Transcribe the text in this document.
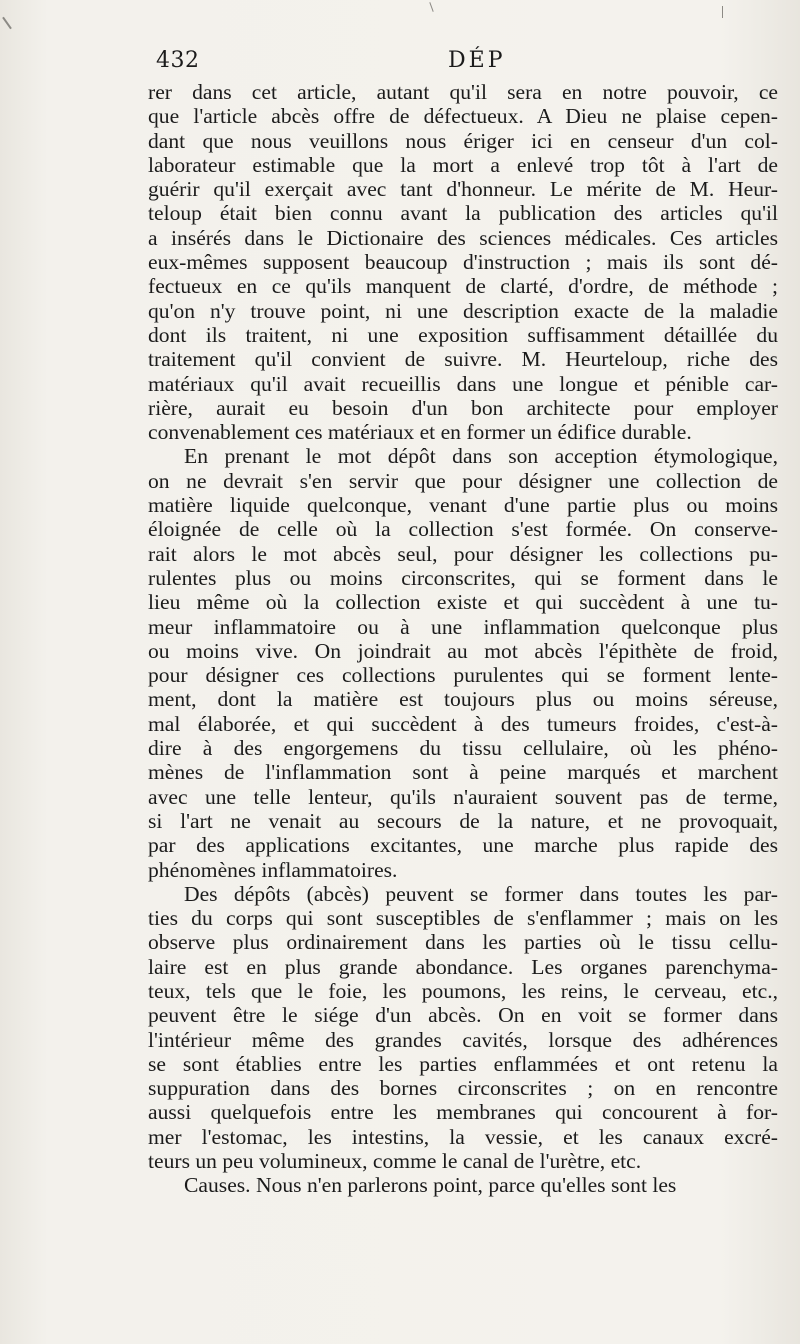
432	DÉP
rer dans cet article, autant qu'il sera en notre pouvoir, ce
que l'article abcès offre de défectueux. A Dieu ne plaise cepen-
dant que nous veuillons nous ériger ici en censeur d'un col-
laborateur estimable que la mort a enlevé trop tôt à l'art de
guérir qu'il exerçait avec tant d'honneur. Le mérite de M. Heur-
teloup était bien connu avant la publication des articles qu'il
a insérés dans le Dictionaire des sciences médicales. Ces articles
eux-mêmes supposent beaucoup d'instruction ; mais ils sont dé-
fectueux en ce qu'ils manquent de clarté, d'ordre, de méthode ;
qu'on n'y trouve point, ni une description exacte de la maladie
dont ils traitent, ni une exposition suffisamment détaillée du
traitement qu'il convient de suivre. M. Heurteloup, riche des
matériaux qu'il avait recueillis dans une longue et pénible car-
rière, aurait eu besoin d'un bon architecte pour employer
convenablement ces matériaux et en former un édifice durable.
En prenant le mot dépôt dans son acception étymologique,
on ne devrait s'en servir que pour désigner une collection de
matière liquide quelconque, venant d'une partie plus ou moins
éloignée de celle où la collection s'est formée. On conserve-
rait alors le mot abcès seul, pour désigner les collections pu-
rulentes plus ou moins circonscrites, qui se forment dans le
lieu même où la collection existe et qui succèdent à une tu-
meur inflammatoire ou à une inflammation quelconque plus
ou moins vive. On joindrait au mot abcès l'épithète de froid,
pour désigner ces collections purulentes qui se forment lente-
ment, dont la matière est toujours plus ou moins séreuse,
mal élaborée, et qui succèdent à des tumeurs froides, c'est-à-
dire à des engorgemens du tissu cellulaire, où les phéno-
mènes de l'inflammation sont à peine marqués et marchent
avec une telle lenteur, qu'ils n'auraient souvent pas de terme,
si l'art ne venait au secours de la nature, et ne provoquait,
par des applications excitantes, une marche plus rapide des
phénomènes inflammatoires.
Des dépôts (abcès) peuvent se former dans toutes les par-
ties du corps qui sont susceptibles de s'enflammer ; mais on les
observe plus ordinairement dans les parties où le tissu cellu-
laire est en plus grande abondance. Les organes parenchyma-
teux, tels que le foie, les poumons, les reins, le cerveau, etc.,
peuvent être le siége d'un abcès. On en voit se former dans
l'intérieur même des grandes cavités, lorsque des adhérences
se sont établies entre les parties enflammées et ont retenu la
suppuration dans des bornes circonscrites ; on en rencontre
aussi quelquefois entre les membranes qui concourent à for-
mer l'estomac, les intestins, la vessie, et les canaux excré-
teurs un peu volumineux, comme le canal de l'urètre, etc.
Causes. Nous n'en parlerons point, parce qu'elles sont les
